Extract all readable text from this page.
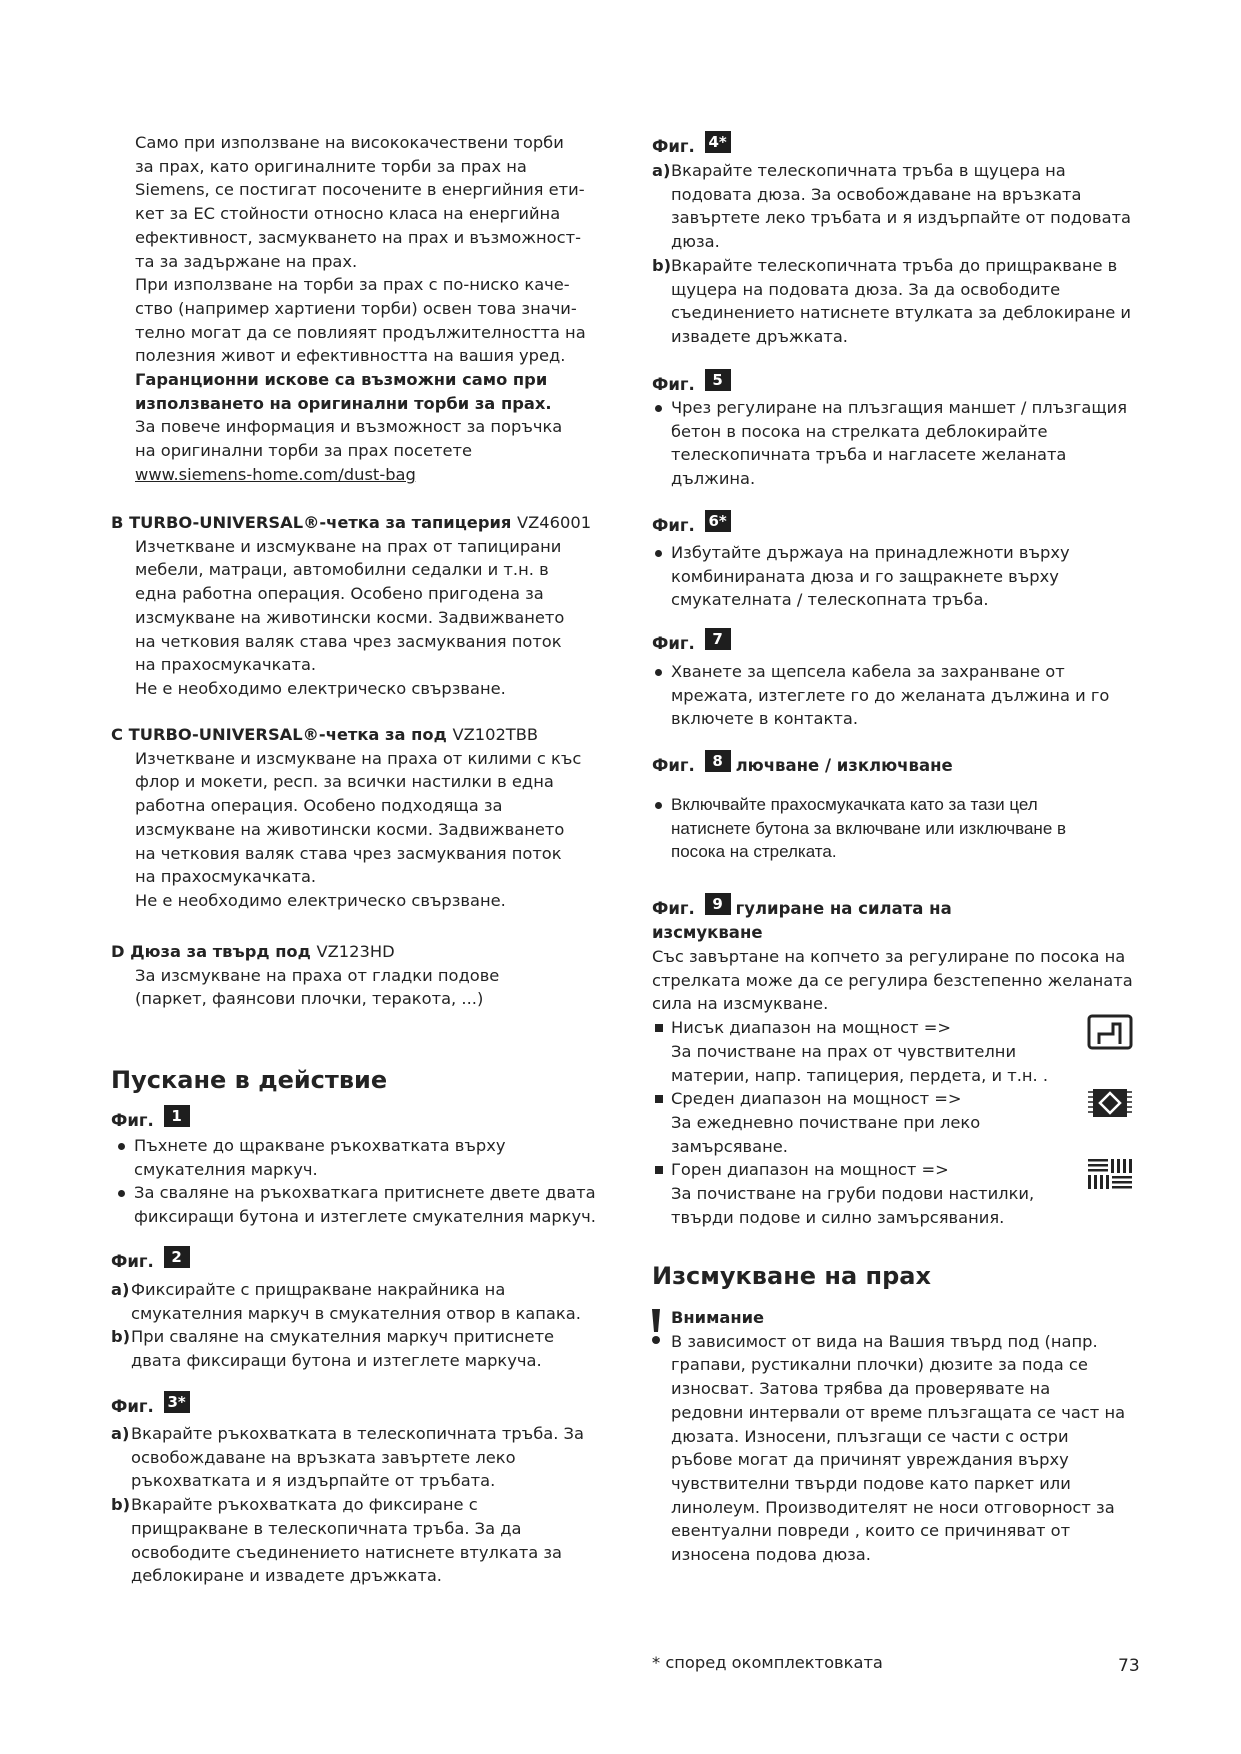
Само при използване на висококачествени торби
за прах, като оригиналните торби за прах на
Siemens, се постигат посочените в енергийния ети-
кет за ЕС стойности относно класа на енергийна
ефективност, засмукването на прах и възможност-
та за задържане на прах.
При използване на торби за прах с по-ниско каче-
ство (например хартиени торби) освен това значи-
телно могат да се повлияят продължителността на
полезния живот и ефективността на вашия уред.
Гаранционни искове са възможни само при
използването на оригинални торби за прах.
За повече информация и възможност за поръчка
на оригинални торби за прах посетете
www.siemens-home.com/dust-bag
B TURBO-UNIVERSAL®-четка за тапицерия VZ46001
Изчеткване и изсмукване на прах от тапицирани
мебели, матраци, автомобилни седалки и т.н. в
една работна операция. Особено пригодена за
изсмукване на животински косми. Задвижването
на четковия валяк става чрез засмуквания поток
на прахосмукачката.
Не е необходимо електрическо свързване.
C TURBO-UNIVERSAL®-четка за под VZ102TBB
Изчеткване и изсмукване на праха от килими с къс
флор и мокети, респ. за всички настилки в една
работна операция. Особено подходяща за
изсмукване на животински косми. Задвижването
на четковия валяк става чрез засмуквания поток
на прахосмукачката.
Не е необходимо електрическо свързване.
D Дюза за твърд под VZ123HD
За изсмукване на праха от гладки подове
(паркет, фаянсови плочки, теракота, ...)
Пускане в действие
Фиг. 1
Пъхнете до щракване ръкохватката върху
смукателния маркуч.
За сваляне на ръкохваткага притиснете двете двата
фиксиращи бутона и изтеглете смукателния маркуч.
Фиг. 2
a) Фиксирайте с прищракване накрайника на
смукателния маркуч в смукателния отвор в капака.
b) При сваляне на смукателния маркуч притиснете
двата фиксиращи бутона и изтеглете маркуча.
Фиг. 3*
a) Вкарайте ръкохватката в телескопичната тръба. За
освобождаване на връзката завъртете леко
ръкохватката и я издърпайте от тръбата.
b) Вкарайте ръкохватката до фиксиране с
прищракване в телескопичната тръба. За да
освободите съединението натиснете втулката за
деблокиране и извадете дръжката.
Фиг. 4*
a) Вкарайте телескопичната тръба в щуцера на
подовата дюза. За освобождаване на връзката
завъртете леко тръбата и я издърпайте от подовата
дюза.
b) Вкарайте телескопичната тръба до прищракване в
щуцера на подовата дюза. За да освободите
съединението натиснете втулката за деблокиране и
извадете дръжката.
Фиг. 5
Чрез регулиране на плъзгащия маншет / плъзгащия
бетон в посока на стрелката деблокирайте
телескопичната тръба и нагласете желаната
дължина.
Фиг. 6*
Избутайте държауа на принадлежноти върху
комбинираната дюза и го защракнете върху
смукателната / телескопната тръба.
Фиг. 7
Хванете за щепсела кабела за захранване от
мрежата, изтеглете го до желаната дължина и го
включете в контакта.
Фиг. 8 лючване / изключване
Включвайте прахосмукачката като за тази цел
натиснете бутона за включване или изключване в
посока на стрелката.
Фиг. 9 гулиране на силата на
изсмукване
Със завъртане на копчето за регулиране по посока на
стрелката може да се регулира безстепенно желаната
сила на изсмукване.
Нисък диапазон на мощност =>
За почистване на прах от чувствителни
материи, напр. тапицерия, пердета, и т.н. .
Среден диапазон на мощност =>
За ежедневно почистване при леко
замърсяване.
Горен диапазон на мощност =>
За почистване на груби подови настилки,
твърди подове и силно замърсявания.
Изсмукване на прах
Внимание
В зависимост от вида на Вашия твърд под (напр.
грапави, рустикални плочки) дюзите за пода се
износват. Затова трябва да проверявате на
редовни интервали от време плъзгащата се част на
дюзата. Износени, плъзгащи се части с остри
ръбове могат да причинят увреждания върху
чувствителни твърди подове като паркет или
линолеум. Производителят не носи отговорност за
евентуални повреди , които се причиняват от
износена подова дюза.
* според окомплектовката	73
